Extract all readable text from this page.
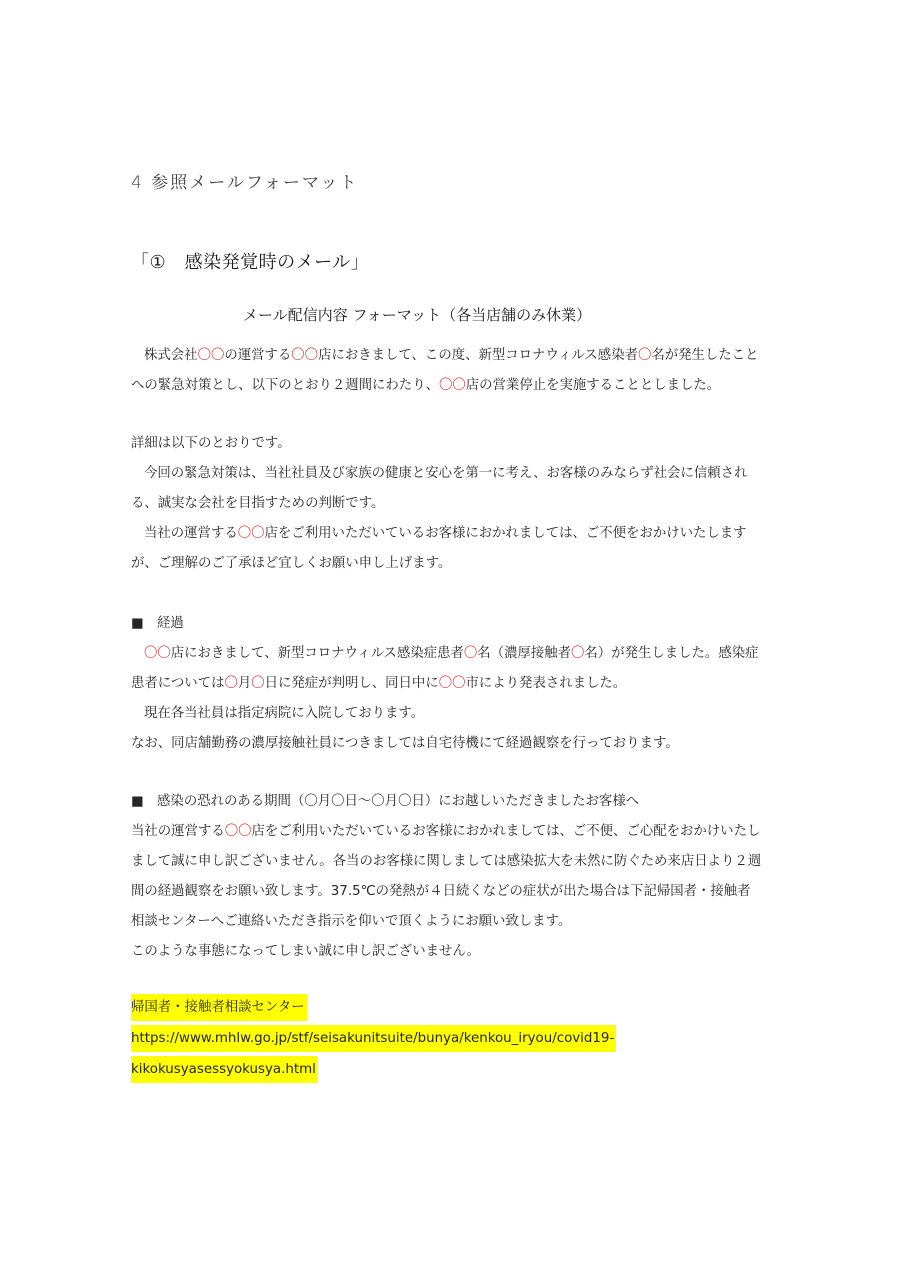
4 参照メールフォーマット
「①　感染発覚時のメール」
メール配信内容 フォーマット（各当店舗のみ休業）
株式会社〇〇の運営する〇〇店におきまして、この度、新型コロナウィルス感染者〇名が発生したこと
への緊急対策とし、以下のとおり２週間にわたり、〇〇店の営業停止を実施することとしました。
詳細は以下のとおりです。
今回の緊急対策は、当社社員及び家族の健康と安心を第一に考え、お客様のみならず社会に信頼され
る、誠実な会社を目指すための判断です。
当社の運営する〇〇店をご利用いただいているお客様におかれましては、ご不便をおかけいたします
が、ご理解のご了承ほど宜しくお願い申し上げます。
■　経過
〇〇店におきまして、新型コロナウィルス感染症患者〇名（濃厚接触者〇名）が発生しました。感染症
患者については〇月〇日に発症が判明し、同日中に〇〇市により発表されました。
現在各当社員は指定病院に入院しております。
なお、同店舗勤務の濃厚接触社員につきましては自宅待機にて経過観察を行っております。
■　感染の恐れのある期間（〇月〇日～〇月〇日）にお越しいただきましたお客様へ
当社の運営する〇〇店をご利用いただいているお客様におかれましては、ご不便、ご心配をおかけいたし
まして誠に申し訳ございません。各当のお客様に関しましては感染拡大を未然に防ぐため来店日より２週
間の経過観察をお願い致します。37.5℃の発熱が４日続くなどの症状が出た場合は下記帰国者・接触者
相談センターへご連絡いただき指示を仰いで頂くようにお願い致します。
このような事態になってしまい誠に申し訳ございません。
帰国者・接触者相談センター
https://www.mhlw.go.jp/stf/seisakunitsuite/bunya/kenkou_iryou/covid19-
kikokusyasessyokusya.html
